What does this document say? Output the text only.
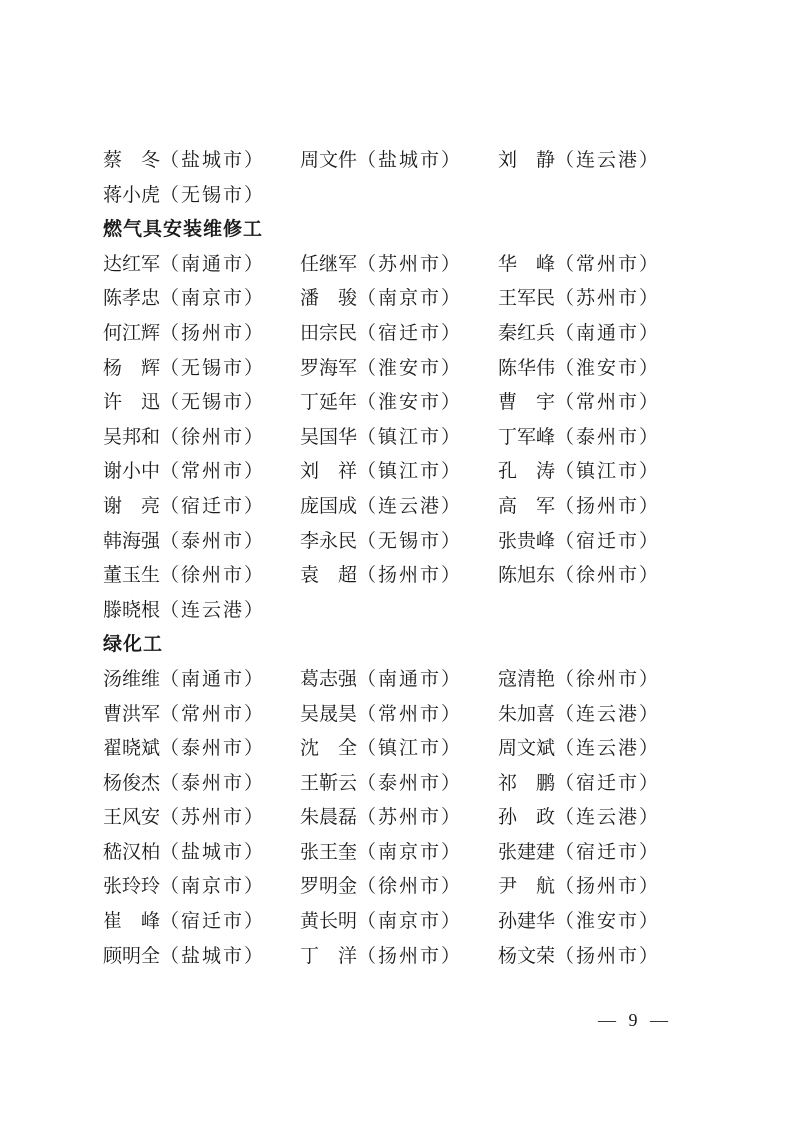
蔡　冬（盐城市） 周文件（盐城市） 刘　静（连云港）
蒋小虎（无锡市）
燃气具安装维修工
达红军（南通市） 任继军（苏州市） 华　峰（常州市）
陈孝忠（南京市） 潘　骏（南京市） 王军民（苏州市）
何江辉（扬州市） 田宗民（宿迁市） 秦红兵（南通市）
杨　辉（无锡市） 罗海军（淮安市） 陈华伟（淮安市）
许　迅（无锡市） 丁延年（淮安市） 曹　宇（常州市）
吴邦和（徐州市） 吴国华（镇江市） 丁军峰（泰州市）
谢小中（常州市） 刘　祥（镇江市） 孔　涛（镇江市）
谢　亮（宿迁市） 庞国成（连云港） 高　军（扬州市）
韩海强（泰州市） 李永民（无锡市） 张贵峰（宿迁市）
董玉生（徐州市） 袁　超（扬州市） 陈旭东（徐州市）
滕晓根（连云港）
绿化工
汤维维（南通市） 葛志强（南通市） 寇清艳（徐州市）
曹洪军（常州市） 吴晟昊（常州市） 朱加喜（连云港）
翟晓斌（泰州市） 沈　全（镇江市） 周文斌（连云港）
杨俊杰（泰州市） 王靳云（泰州市） 祁　鹏（宿迁市）
王风安（苏州市） 朱晨磊（苏州市） 孙　政（连云港）
嵇汉柏（盐城市） 张王奎（南京市） 张建建（宿迁市）
张玲玲（南京市） 罗明金（徐州市） 尹　航（扬州市）
崔　峰（宿迁市） 黄长明（南京市） 孙建华（淮安市）
顾明全（盐城市） 丁　洋（扬州市） 杨文荣（扬州市）
— 9 —
